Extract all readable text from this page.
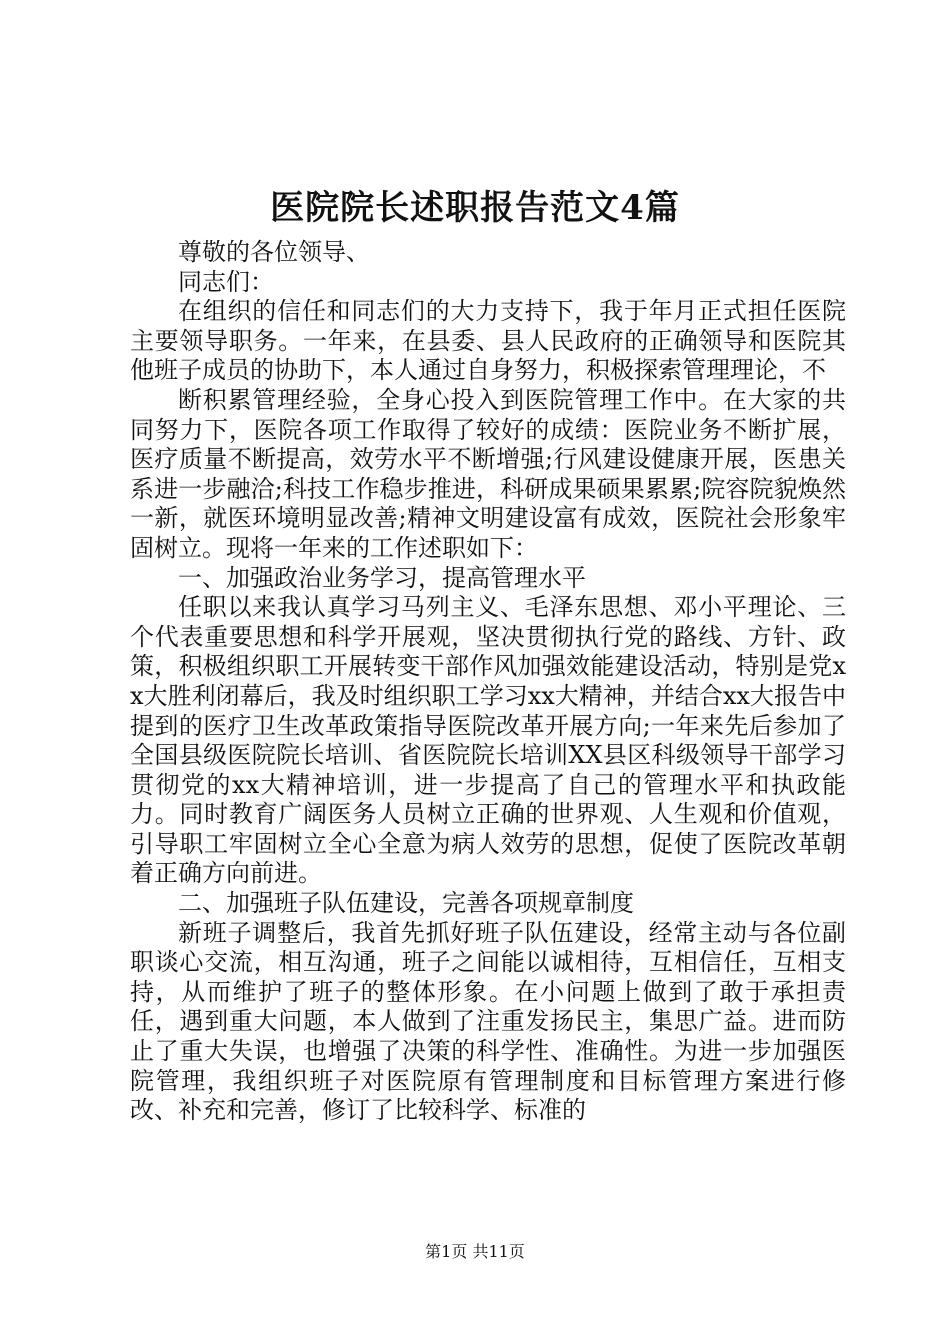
医院院长述职报告范文4篇

尊敬的各位领导、

同志们：

在组织的信任和同志们的大力支持下，我于年月正式担任医院主要领导职务。一年来，在县委、县人民政府的正确领导和医院其他班子成员的协助下，本人通过自身努力，积极探索管理理论，不

断积累管理经验，全身心投入到医院管理工作中。在大家的共同努力下，医院各项工作取得了较好的成绩：医院业务不断扩展，医疗质量不断提高，效劳水平不断增强;行风建设健康开展，医患关系进一步融洽;科技工作稳步推进，科研成果硕果累累;院容院貌焕然一新，就医环境明显改善;精神文明建设富有成效，医院社会形象牢固树立。现将一年来的工作述职如下：

一、加强政治业务学习，提高管理水平

任职以来我认真学习马列主义、毛泽东思想、邓小平理论、三个代表重要思想和科学开展观，坚决贯彻执行党的路线、方针、政策，积极组织职工开展转变干部作风加强效能建设活动，特别是党xx大胜利闭幕后，我及时组织职工学习xx大精神，并结合xx大报告中提到的医疗卫生改革政策指导医院改革开展方向;一年来先后参加了全国县级医院院长培训、省医院院长培训XX县区科级领导干部学习贯彻党的xx大精神培训，进一步提高了自己的管理水平和执政能力。同时教育广阔医务人员树立正确的世界观、人生观和价值观，引导职工牢固树立全心全意为病人效劳的思想，促使了医院改革朝着正确方向前进。

二、加强班子队伍建设，完善各项规章制度

新班子调整后，我首先抓好班子队伍建设，经常主动与各位副职谈心交流，相互沟通，班子之间能以诚相待，互相信任，互相支持，从而维护了班子的整体形象。在小问题上做到了敢于承担责任，遇到重大问题，本人做到了注重发扬民主，集思广益。进而防止了重大失误，也增强了决策的科学性、准确性。为进一步加强医院管理，我组织班子对医院原有管理制度和目标管理方案进行修改、补充和完善，修订了比较科学、标准的

第1页 共11页
